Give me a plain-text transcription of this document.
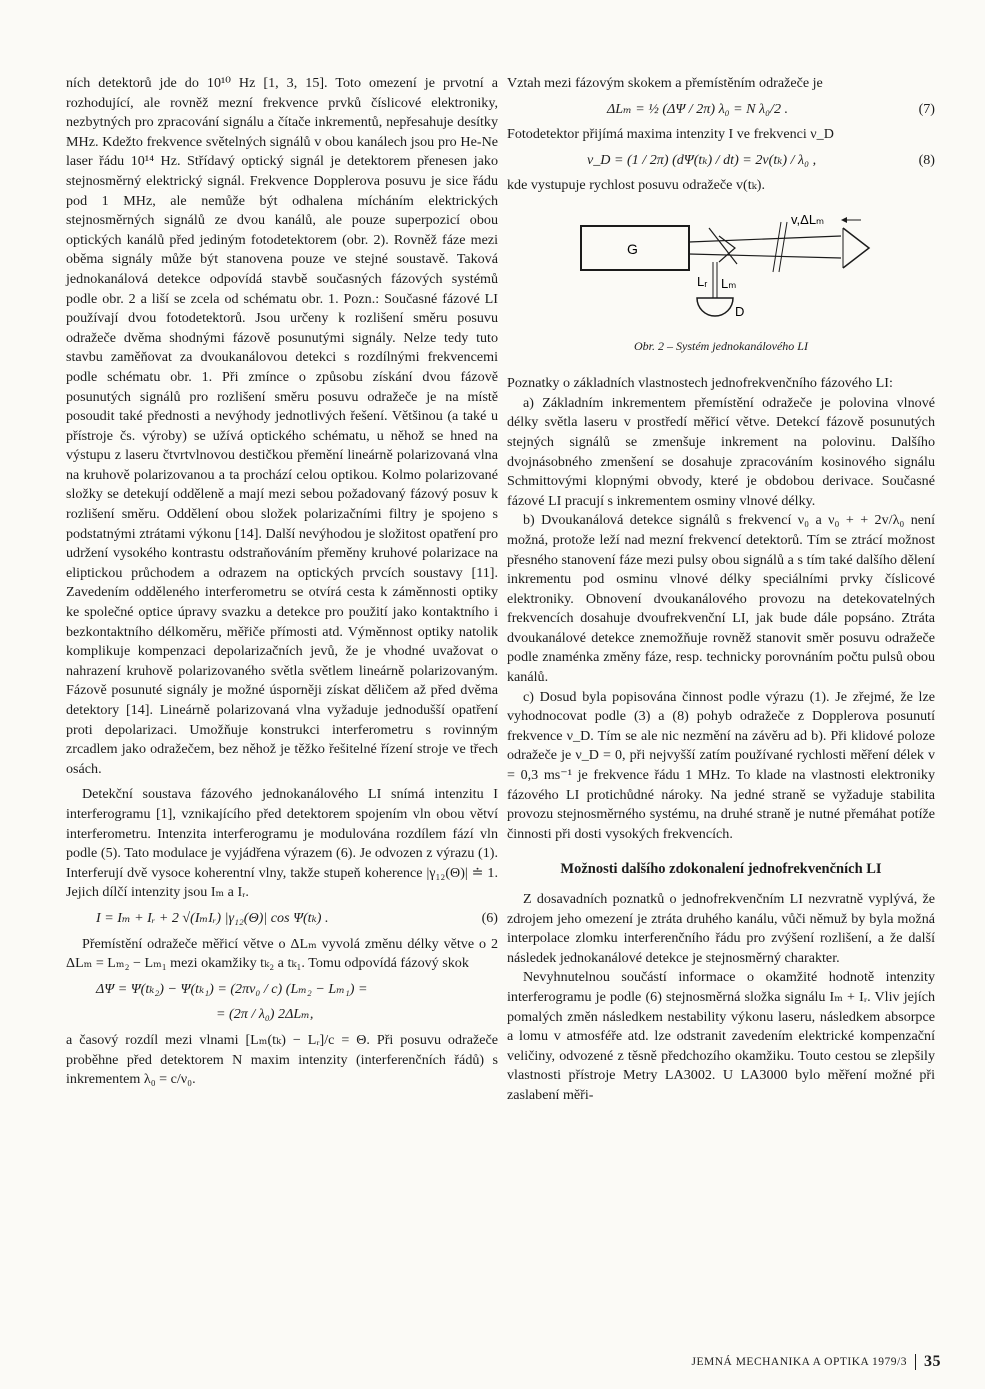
ních detektorů jde do 10¹⁰ Hz [1, 3, 15]. Toto omezení je prvotní a rozhodující, ale rovněž mezní frekvence prvků číslicové elektroniky, nezbytných pro zpracování signálu a čítače inkrementů, nepřesahuje desítky MHz. Kdežto frekvence světelných signálů v obou kanálech jsou pro He-Ne laser řádu 10¹⁴ Hz. Střídavý optický signál je detektorem přenesen jako stejnosměrný elektrický signál. Frekvence Dopplerova posuvu je sice řádu pod 1 MHz, ale nemůže být odhalena mícháním elektrických stejnosměrných signálů ze dvou kanálů, ale pouze superpozicí obou optických kanálů před jediným fotodetektorem (obr. 2). Rovněž fáze mezi oběma signály může být stanovena pouze ve stejné soustavě. Taková jednokanálová detekce odpovídá stavbě současných fázových systémů podle obr. 2 a liší se zcela od schématu obr. 1. Pozn.: Současné fázové LI používají dvou fotodetektorů. Jsou určeny k rozlišení směru posuvu odražeče dvěma shodnými fázově posunutými signály. Nelze tedy tuto stavbu zaměňovat za dvoukanálovou detekci s rozdílnými frekvencemi podle schématu obr. 1. Při zmínce o způsobu získání dvou fázově posunutých signálů pro rozlišení směru posuvu odražeče je na místě posoudit také přednosti a nevýhody jednotlivých řešení. Většinou (a také u přístroje čs. výroby) se užívá optického schématu, u něhož se hned na výstupu z laseru čtvrtvlnovou destičkou přemění lineárně polarizovaná vlna na kruhově polarizovanou a ta prochází celou optikou. Kolmo polarizované složky se detekují odděleně a mají mezi sebou požadovaný fázový posuv k rozlišení směru. Oddělení obou složek polarizačními filtry je spojeno s podstatnými ztrátami výkonu [14]. Další nevýhodou je složitost opatření pro udržení vysokého kontrastu odstraňováním přeměny kruhové polarizace na eliptickou průchodem a odrazem na optických prvcích soustavy [11]. Zavedením odděleného interferometru se otvírá cesta k záměnnosti optiky ke společné optice úpravy svazku a detekce pro použití jako kontaktního i bezkontaktního délkoměru, měřiče přímosti atd. Výměnnost optiky natolik komplikuje kompenzaci depolarizačních jevů, že je vhodné uvažovat o nahrazení kruhově polarizovaného světla světlem lineárně polarizovaným. Fázově posunuté signály je možné úsporněji získat děličem až před dvěma detektory [14]. Lineárně polarizovaná vlna vyžaduje jednodušší opatření proti depolarizaci. Umožňuje konstrukci interferometru s rovinným zrcadlem jako odražečem, bez něhož je těžko řešitelné řízení stroje ve třech osách.

Detekční soustava fázového jednokanálového LI snímá intenzitu I interferogramu [1], vznikajícího před detektorem spojením vln obou větví interferometru. Intenzita interferogramu je modulována rozdílem fází vln podle (5). Tato modulace je vyjádřena výrazem (6). Je odvozen z výrazu (1). Interferují dvě vysoce koherentní vlny, takže stupeň koherence |γ₁₂(Θ)| ≐ 1. Jejich dílčí intenzity jsou Iₘ a Iᵣ.

I = Iₘ + Iᵣ + 2 √(IₘIᵣ) |γ₁₂(Θ)| cos Ψ(tₖ) .	(6)

Přemístění odražeče měřicí větve o ΔLₘ vyvolá změnu délky větve o 2 ΔLₘ = Lₘ₂ − Lₘ₁ mezi okamžiky tₖ₂ a tₖ₁. Tomu odpovídá fázový skok

ΔΨ = Ψ(tₖ₂) − Ψ(tₖ₁) = (2πν₀ / c) (Lₘ₂ − Lₘ₁) =
= (2π / λ₀) 2ΔLₘ,

a časový rozdíl mezi vlnami [Lₘ(tₖ) − Lᵣ]/c = Θ. Při posuvu odražeče proběhne před detektorem N maxim intenzity (interferenčních řádů) s inkrementem λ₀ = c/ν₀.

Vztah mezi fázovým skokem a přemístěním odražeče je

ΔLₘ = ½ (ΔΨ / 2π) λ₀ = N λ₀/2 .	(7)

Fotodetektor přijímá maxima intenzity I ve frekvenci ν_D

ν_D = (1 / 2π) (dΨ(tₖ) / dt) = 2v(tₖ) / λ₀ ,	(8)

kde vystupuje rychlost posuvu odražeče v(tₖ).

G
v,ΔLₘ
Lᵣ Lₘ
D

Obr. 2 – Systém jednokanálového LI

Poznatky o základních vlastnostech jednofrekvenčního fázového LI:

a) Základním inkrementem přemístění odražeče je polovina vlnové délky světla laseru v prostředí měřicí větve. Detekcí fázově posunutých stejných signálů se zmenšuje inkrement na polovinu. Dalšího dvojnásobného zmenšení se dosahuje zpracováním kosinového signálu Schmittovými klopnými obvody, které je obdobou derivace. Současné fázové LI pracují s inkrementem osminy vlnové délky.

b) Dvoukanálová detekce signálů s frekvencí ν₀ a ν₀ + + 2v/λ₀ není možná, protože leží nad mezní frekvencí detektorů. Tím se ztrácí možnost přesného stanovení fáze mezi pulsy obou signálů a s tím také dalšího dělení inkrementu pod osminu vlnové délky speciálními prvky číslicové elektroniky. Obnovení dvoukanálového provozu na detekovatelných frekvencích dosahuje dvoufrekvenční LI, jak bude dále popsáno. Ztráta dvoukanálové detekce znemožňuje rovněž stanovit směr posuvu odražeče podle znaménka změny fáze, resp. technicky porovnáním počtu pulsů obou kanálů.

c) Dosud byla popisována činnost podle výrazu (1). Je zřejmé, že lze vyhodnocovat podle (3) a (8) pohyb odražeče z Dopplerova posunutí frekvence ν_D. Tím se ale nic nezmění na závěru ad b). Při klidové poloze odražeče je ν_D = 0, při nejvyšší zatím používané rychlosti měření délek v = 0,3 ms⁻¹ je frekvence řádu 1 MHz. To klade na vlastnosti elektroniky fázového LI protichůdné nároky. Na jedné straně se vyžaduje stabilita provozu stejnosměrného systému, na druhé straně je nutné přemáhat potíže činnosti při dosti vysokých frekvencích.

Možnosti dalšího zdokonalení jednofrekvenčních LI

Z dosavadních poznatků o jednofrekvenčním LI nezvratně vyplývá, že zdrojem jeho omezení je ztráta druhého kanálu, vůči němuž by byla možná interpolace zlomku interferenčního řádu pro zvýšení rozlišení, a že další následek jednokanálové detekce je stejnosměrný charakter.

Nevyhnutelnou součástí informace o okamžité hodnotě intenzity interferogramu je podle (6) stejnosměrná složka signálu Iₘ + Iᵣ. Vliv jejích pomalých změn následkem nestability výkonu laseru, následkem absorpce a lomu v atmosféře atd. lze odstranit zavedením elektrické kompenzační veličiny, odvozené z těsně předchozího okamžiku. Touto cestou se zlepšily vlastnosti přístroje Metry LA3002. U LA3000 bylo měření možné při zaslabení měři-

JEMNÁ MECHANIKA A OPTIKA 1979/3 35
